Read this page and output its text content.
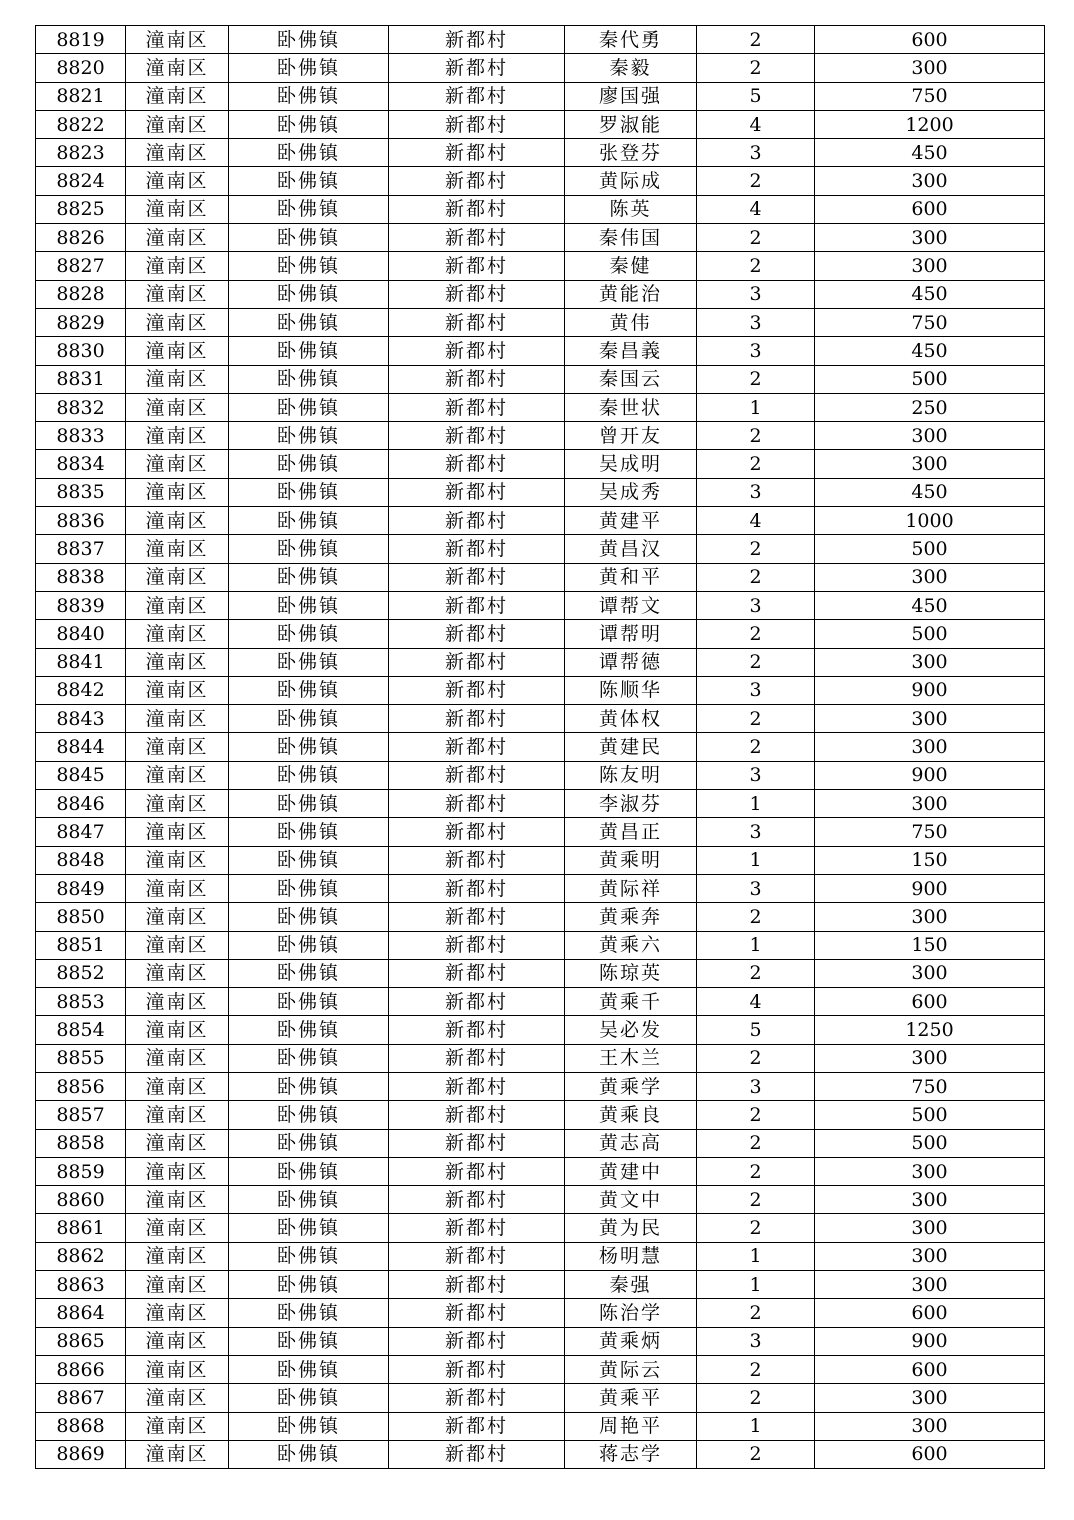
8819	潼南区	卧佛镇	新都村	秦代勇	2	600
8820	潼南区	卧佛镇	新都村	秦毅	2	300
8821	潼南区	卧佛镇	新都村	廖国强	5	750
8822	潼南区	卧佛镇	新都村	罗淑能	4	1200
8823	潼南区	卧佛镇	新都村	张登芬	3	450
8824	潼南区	卧佛镇	新都村	黄际成	2	300
8825	潼南区	卧佛镇	新都村	陈英	4	600
8826	潼南区	卧佛镇	新都村	秦伟国	2	300
8827	潼南区	卧佛镇	新都村	秦健	2	300
8828	潼南区	卧佛镇	新都村	黄能治	3	450
8829	潼南区	卧佛镇	新都村	黄伟	3	750
8830	潼南区	卧佛镇	新都村	秦昌義	3	450
8831	潼南区	卧佛镇	新都村	秦国云	2	500
8832	潼南区	卧佛镇	新都村	秦世状	1	250
8833	潼南区	卧佛镇	新都村	曾开友	2	300
8834	潼南区	卧佛镇	新都村	吴成明	2	300
8835	潼南区	卧佛镇	新都村	吴成秀	3	450
8836	潼南区	卧佛镇	新都村	黄建平	4	1000
8837	潼南区	卧佛镇	新都村	黄昌汉	2	500
8838	潼南区	卧佛镇	新都村	黄和平	2	300
8839	潼南区	卧佛镇	新都村	谭帮文	3	450
8840	潼南区	卧佛镇	新都村	谭帮明	2	500
8841	潼南区	卧佛镇	新都村	谭帮德	2	300
8842	潼南区	卧佛镇	新都村	陈顺华	3	900
8843	潼南区	卧佛镇	新都村	黄体权	2	300
8844	潼南区	卧佛镇	新都村	黄建民	2	300
8845	潼南区	卧佛镇	新都村	陈友明	3	900
8846	潼南区	卧佛镇	新都村	李淑芬	1	300
8847	潼南区	卧佛镇	新都村	黄昌正	3	750
8848	潼南区	卧佛镇	新都村	黄乘明	1	150
8849	潼南区	卧佛镇	新都村	黄际祥	3	900
8850	潼南区	卧佛镇	新都村	黄乘奔	2	300
8851	潼南区	卧佛镇	新都村	黄乘六	1	150
8852	潼南区	卧佛镇	新都村	陈琼英	2	300
8853	潼南区	卧佛镇	新都村	黄乘千	4	600
8854	潼南区	卧佛镇	新都村	吴必发	5	1250
8855	潼南区	卧佛镇	新都村	王木兰	2	300
8856	潼南区	卧佛镇	新都村	黄乘学	3	750
8857	潼南区	卧佛镇	新都村	黄乘良	2	500
8858	潼南区	卧佛镇	新都村	黄志高	2	500
8859	潼南区	卧佛镇	新都村	黄建中	2	300
8860	潼南区	卧佛镇	新都村	黄文中	2	300
8861	潼南区	卧佛镇	新都村	黄为民	2	300
8862	潼南区	卧佛镇	新都村	杨明慧	1	300
8863	潼南区	卧佛镇	新都村	秦强	1	300
8864	潼南区	卧佛镇	新都村	陈治学	2	600
8865	潼南区	卧佛镇	新都村	黄乘炳	3	900
8866	潼南区	卧佛镇	新都村	黄际云	2	600
8867	潼南区	卧佛镇	新都村	黄乘平	2	300
8868	潼南区	卧佛镇	新都村	周艳平	1	300
8869	潼南区	卧佛镇	新都村	蒋志学	2	600
